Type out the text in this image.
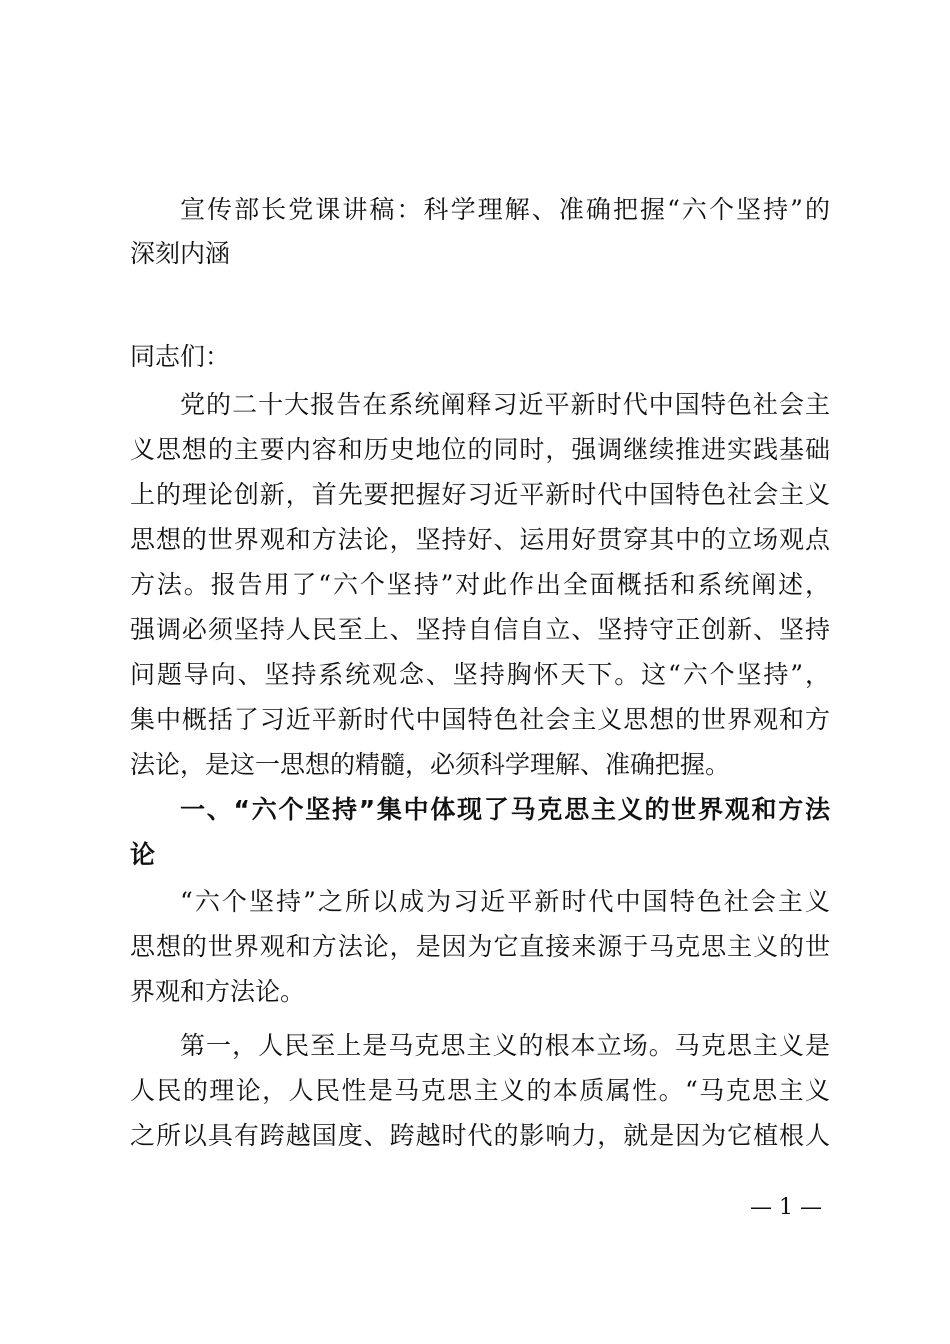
宣传部长党课讲稿：科学理解、准确把握“六个坚持”的
深刻内涵
同志们：
党的二十大报告在系统阐释习近平新时代中国特色社会主
义思想的主要内容和历史地位的同时，强调继续推进实践基础
上的理论创新，首先要把握好习近平新时代中国特色社会主义
思想的世界观和方法论，坚持好、运用好贯穿其中的立场观点
方法。报告用了“六个坚持”对此作出全面概括和系统阐述，
强调必须坚持人民至上、坚持自信自立、坚持守正创新、坚持
问题导向、坚持系统观念、坚持胸怀天下。这“六个坚持”，
集中概括了习近平新时代中国特色社会主义思想的世界观和方
法论，是这一思想的精髓，必须科学理解、准确把握。
一、“六个坚持”集中体现了马克思主义的世界观和方法
论
“六个坚持”之所以成为习近平新时代中国特色社会主义
思想的世界观和方法论，是因为它直接来源于马克思主义的世
界观和方法论。
第一，人民至上是马克思主义的根本立场。马克思主义是
人民的理论，人民性是马克思主义的本质属性。“马克思主义
之所以具有跨越国度、跨越时代的影响力，就是因为它植根人
— 1 —
